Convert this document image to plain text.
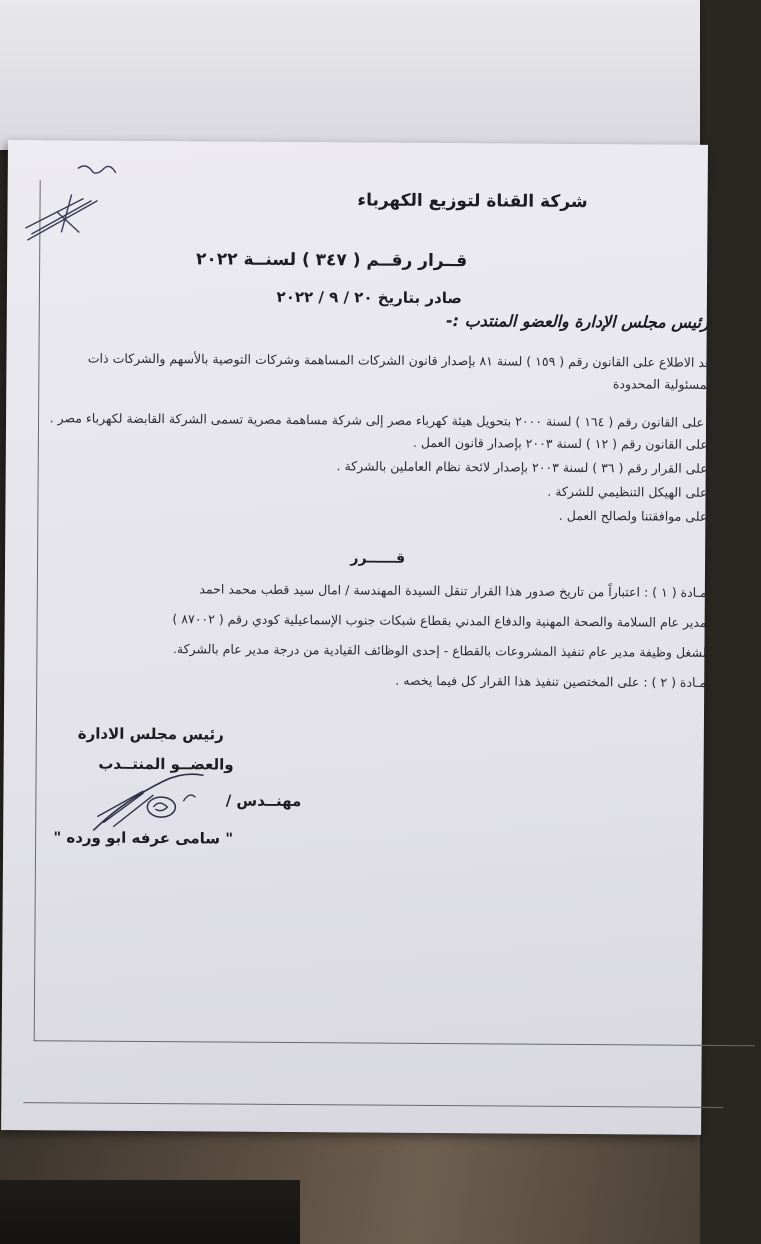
شركة القناة لتوزيع الكهرباء
قــرار رقــم ( ٣٤٧ ) لسنــة ٢٠٢٢
صادر بتاريخ ٢٠ / ٩ / ٢٠٢٢
رئيس مجلس الإدارة والعضو المنتدب :-
بعد الاطلاع على القانون رقم ( ١٥٩ ) لسنة ٨١ بإصدار قانون الشركات المساهمة وشركات التوصية بالأسهم والشركات ذات
المسئولية المحدودة
و على القانون رقم ( ١٦٤ ) لسنة ٢٠٠٠ بتحويل هيئة كهرباء مصر إلى شركة مساهمة مصرية تسمى الشركة القابضة لكهرباء مصر .
وعلى القانون رقم ( ١٢ ) لسنة ٢٠٠٣ بإصدار قانون العمل .
وعلى القرار رقم ( ٣٦ ) لسنة ٢٠٠٣ بإصدار لائحة نظام العاملين بالشركة .
وعلى الهيكل التنظيمي للشركة .
وعلى موافقتنا ولصالح العمل .
قــــــرر
مـادة ( ١ ) : اعتباراً من تاريخ صدور هذا القرار تنقل السيدة المهندسة / امال سيد قطب محمد احمد
مدير عام السلامة والصحة المهنية والدفاع المدني بقطاع شبكات جنوب الإسماعيلية كودي رقم ( ٨٧٠٠٢ )
لشغل وظيفة مدير عام تنفيذ المشروعات بالقطاع - إحدى الوظائف القيادية من درجة مدير عام بالشركة.
مـادة ( ٢ ) : على المختصين تنفيذ هذا القرار كل فيما يخصه .
رئيس مجلس الادارة
والعضــو المنتــدب
مهنــدس /
" سامى عرفه ابو ورده "
